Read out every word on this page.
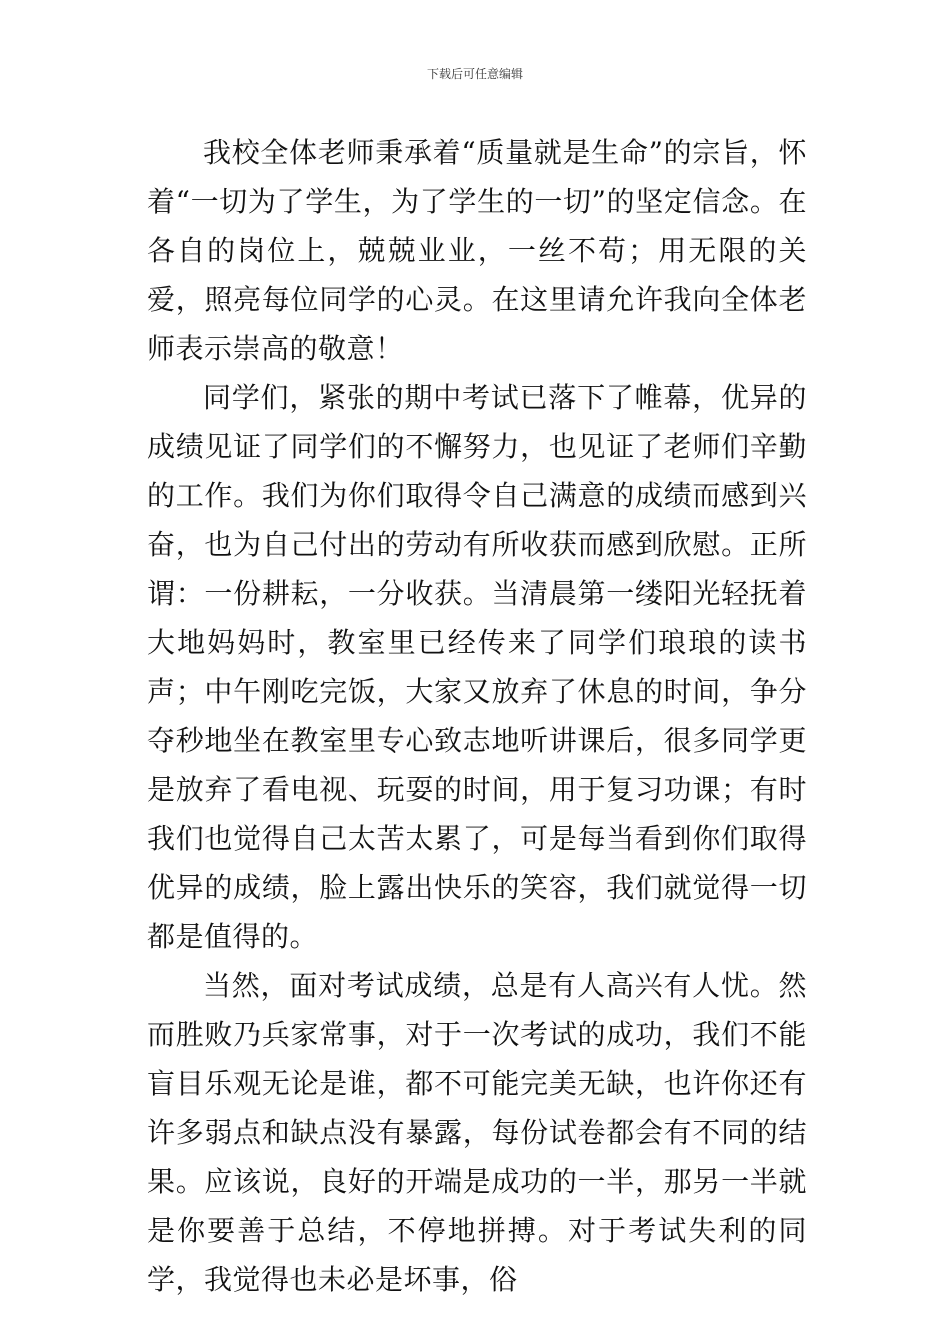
下载后可任意编辑

我校全体老师秉承着“质量就是生命”的宗旨，怀着“一切为了学生，为了学生的一切”的坚定信念。在各自的岗位上，兢兢业业，一丝不苟；用无限的关爱，照亮每位同学的心灵。在这里请允许我向全体老师表示崇高的敬意！

同学们，紧张的期中考试已落下了帷幕，优异的成绩见证了同学们的不懈努力，也见证了老师们辛勤的工作。我们为你们取得令自己满意的成绩而感到兴奋，也为自己付出的劳动有所收获而感到欣慰。正所谓：一份耕耘，一分收获。当清晨第一缕阳光轻抚着大地妈妈时，教室里已经传来了同学们琅琅的读书声；中午刚吃完饭，大家又放弃了休息的时间，争分夺秒地坐在教室里专心致志地听讲课后，很多同学更是放弃了看电视、玩耍的时间，用于复习功课；有时我们也觉得自己太苦太累了，可是每当看到你们取得优异的成绩，脸上露出快乐的笑容，我们就觉得一切都是值得的。

当然，面对考试成绩，总是有人高兴有人忧。然而胜败乃兵家常事，对于一次考试的成功，我们不能盲目乐观无论是谁，都不可能完美无缺，也许你还有许多弱点和缺点没有暴露，每份试卷都会有不同的结果。应该说，良好的开端是成功的一半，那另一半就是你要善于总结，不停地拼搏。对于考试失利的同学，我觉得也未必是坏事，俗
